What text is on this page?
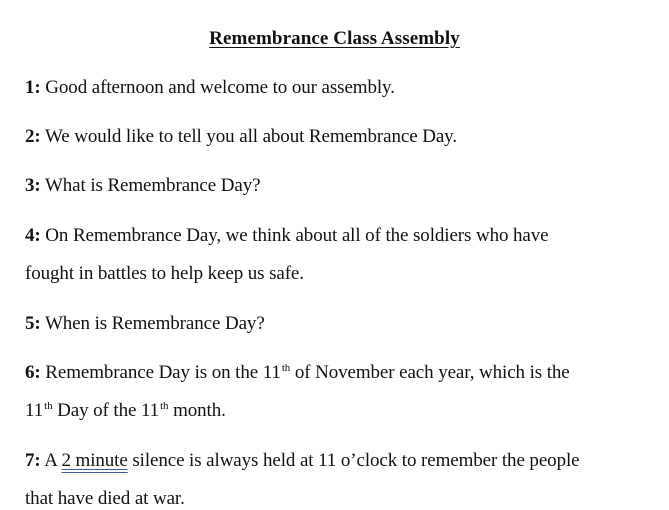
Remembrance Class Assembly
1: Good afternoon and welcome to our assembly.
2: We would like to tell you all about Remembrance Day.
3: What is Remembrance Day?
4: On Remembrance Day, we think about all of the soldiers who have
fought in battles to help keep us safe.
5: When is Remembrance Day?
6: Remembrance Day is on the 11th of November each year, which is the
11th Day of the 11th month.
7: A 2 minute silence is always held at 11 o’clock to remember the people
that have died at war.
